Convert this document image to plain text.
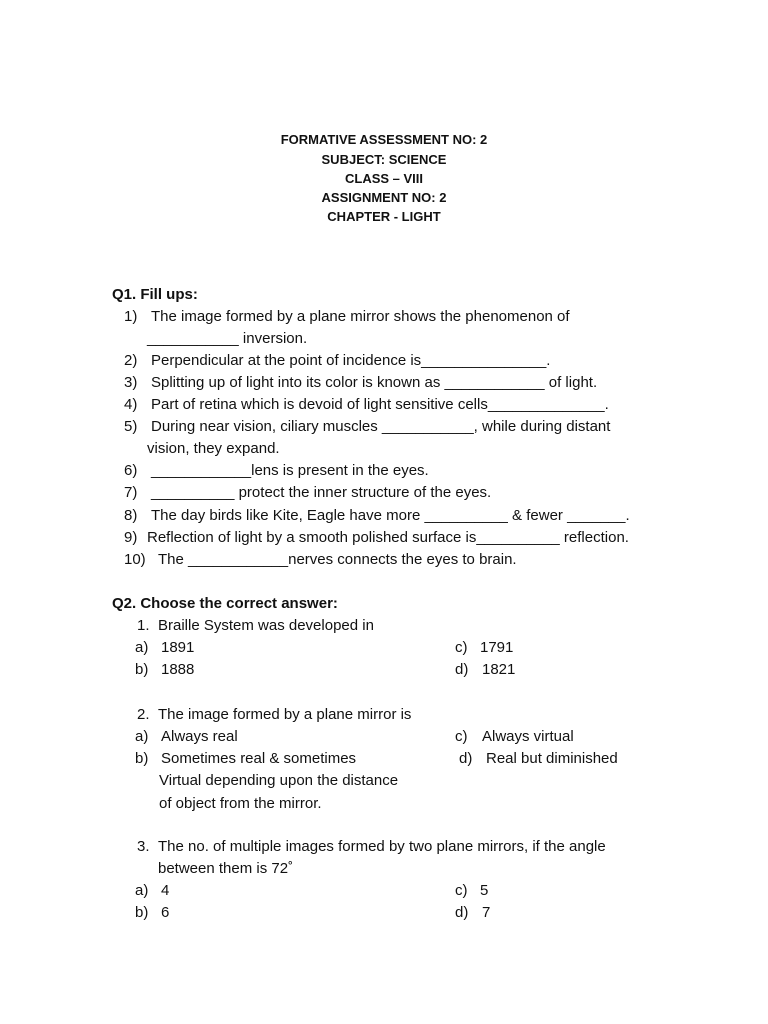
FORMATIVE ASSESSMENT NO: 2
SUBJECT: SCIENCE
CLASS – VIII
ASSIGNMENT NO: 2
CHAPTER - LIGHT
Q1. Fill ups:
1) The image formed by a plane mirror shows the phenomenon of
___________ inversion.
2) Perpendicular at the point of incidence is_______________.
3) Splitting up of light into its color is known as ____________ of light.
4) Part of retina which is devoid of light sensitive cells______________.
5) During near vision, ciliary muscles ___________, while during distant
vision, they expand.
6) ____________lens is present in the eyes.
7) __________ protect the inner structure of the eyes.
8) The day birds like Kite, Eagle have more __________ & fewer _______.
9) Reflection of light by a smooth polished surface is__________ reflection.
10) The ____________nerves connects the eyes to brain.
Q2. Choose the correct answer:
1. Braille System was developed in
a) 1891	c) 1791
b) 1888	d) 1821
2. The image formed by a plane mirror is
a) Always real	c) Always virtual
b) Sometimes real & sometimes	d) Real but diminished
Virtual depending upon the distance
of object from the mirror.
3. The no. of multiple images formed by two plane mirrors, if the angle
between them is 72˚
a) 4	c) 5
b) 6	d) 7
